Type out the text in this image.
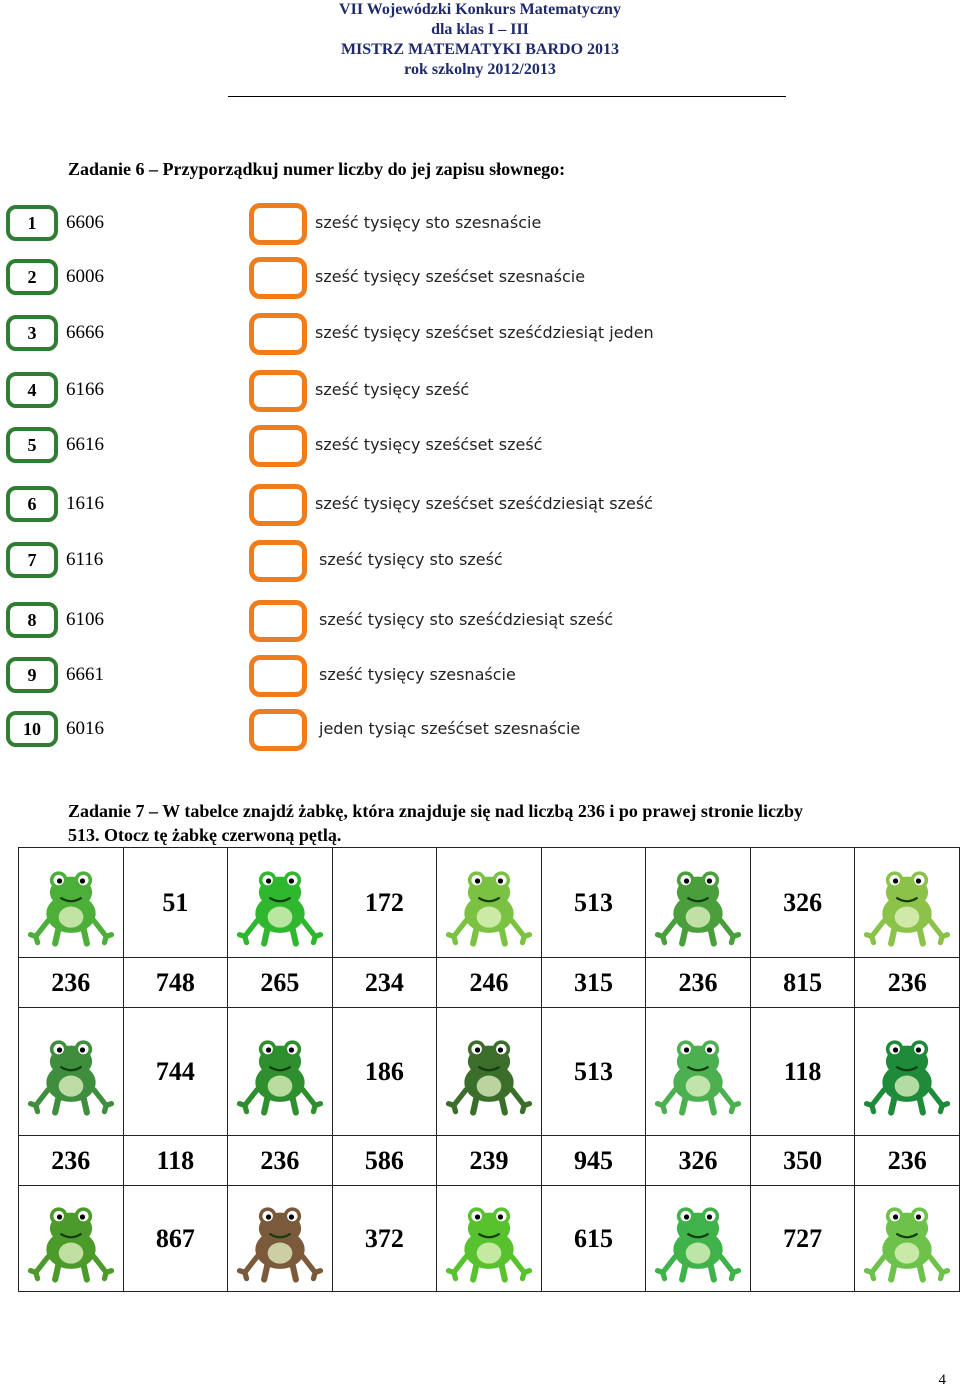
VII Wojewódzki Konkurs Matematyczny
dla klas I – III
MISTRZ MATEMATYKI BARDO 2013
rok szkolny 2012/2013
Zadanie 6 – Przyporządkuj numer liczby do jej zapisu słownego:
1	6606	sześć tysięcy sto szesnaście
2	6006	sześć tysięcy sześćset szesnaście
3	6666	sześć tysięcy sześćset sześćdziesiąt jeden
4	6166	sześć tysięcy sześć
5	6616	sześć tysięcy sześćset sześć
6	1616	sześć tysięcy sześćset sześćdziesiąt sześć
7	6116	sześć tysięcy sto sześć
8	6106	sześć tysięcy sto sześćdziesiąt sześć
9	6661	sześć tysięcy szesnaście
10	6016	jeden tysiąc sześćset szesnaście
Zadanie 7 – W tabelce znajdź żabkę, która znajduje się nad liczbą 236 i po prawej stronie liczby
513. Otocz tę żabkę czerwoną pętlą.
	51		172		513		326	

236	748	265	234	246	315	236	815	236

	744		186		513		118	

236	118	236	586	239	945	326	350	236

	867		372		615		727	
4
